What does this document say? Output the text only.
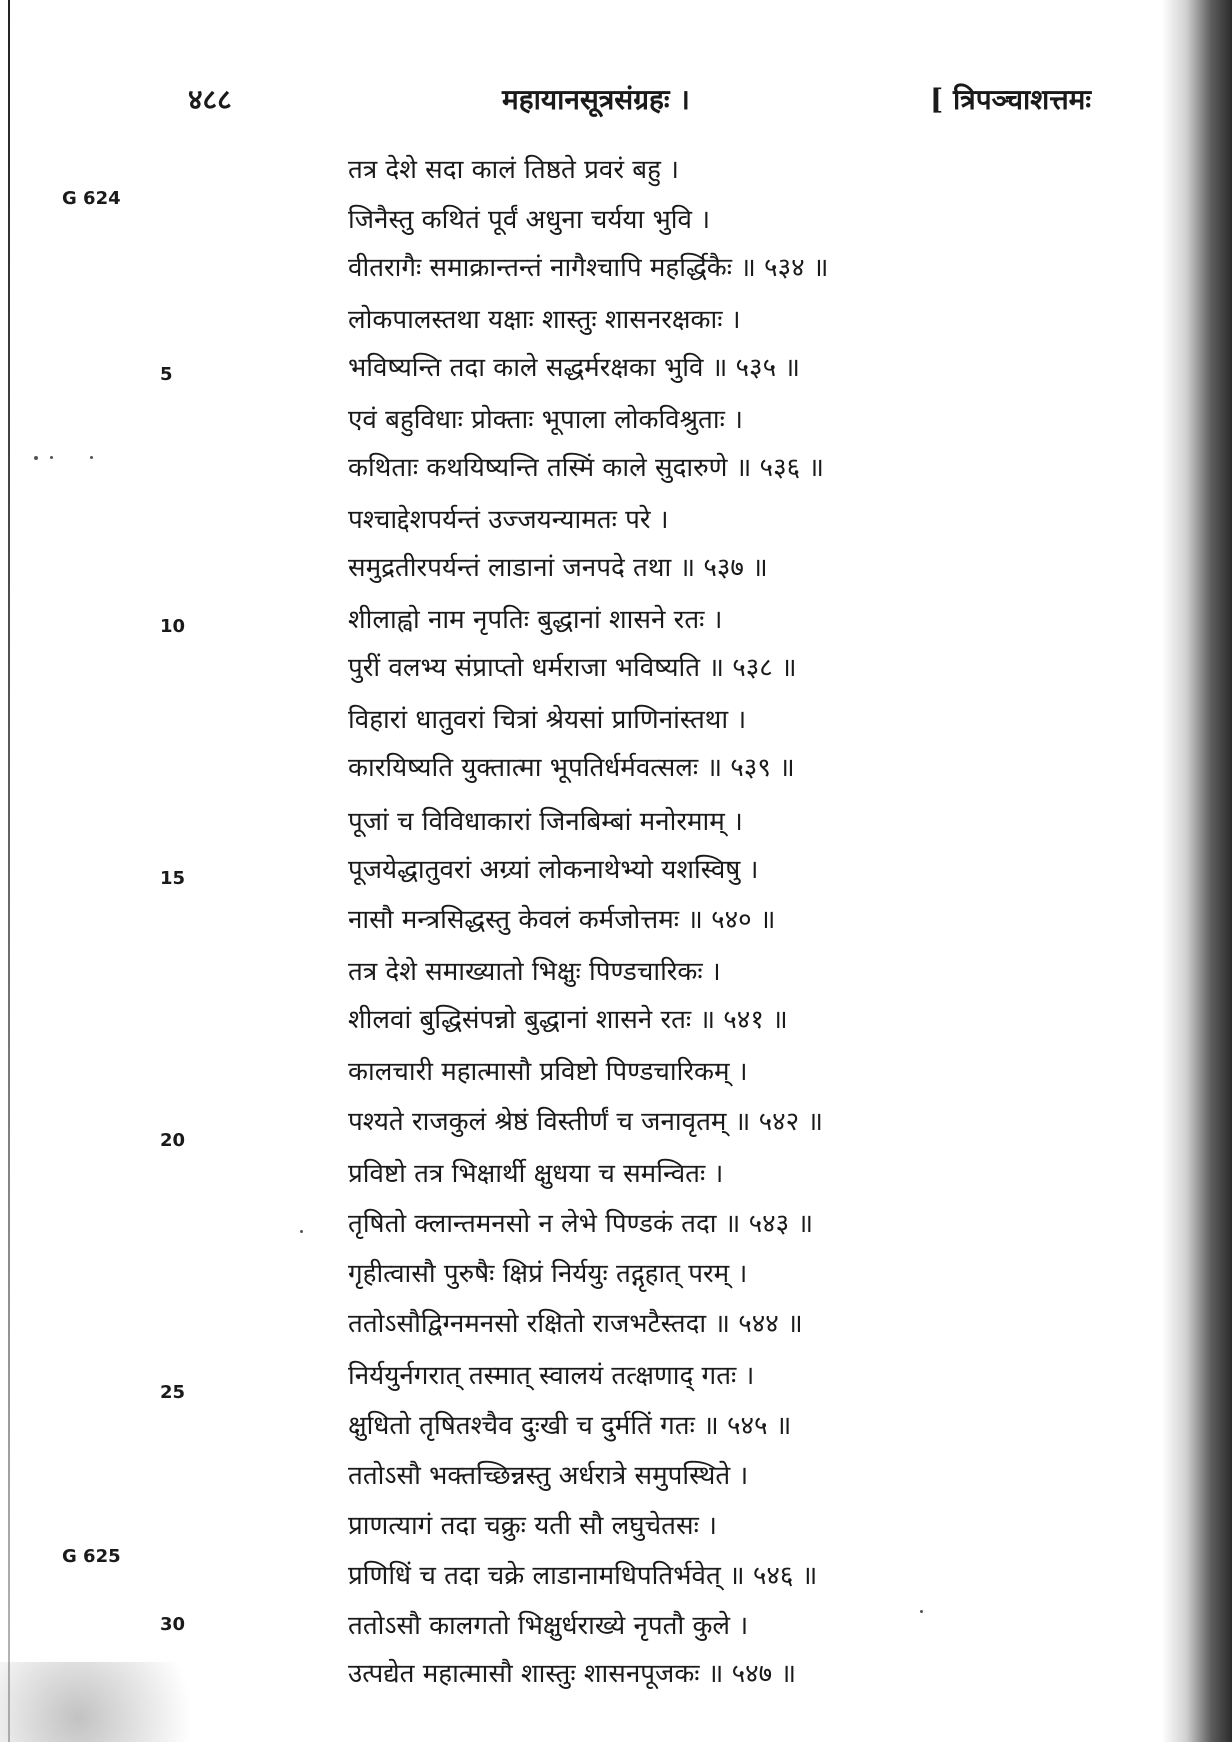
४८८	महायानसूत्रसंग्रहः ।	[ त्रिपञ्चाशत्तमः
G 624
5
10
15
20
25
G 625
30
तत्र देशे सदा कालं तिष्ठते प्रवरं बहु ।
जिनैस्तु कथितं पूर्वं अधुना चर्यया भुवि ।
वीतरागैः समाक्रान्तन्तं नागैश्चापि महर्द्धिकैः ॥ ५३४ ॥
लोकपालस्तथा यक्षाः शास्तुः शासनरक्षकाः ।
भविष्यन्ति तदा काले सद्धर्मरक्षका भुवि ॥ ५३५ ॥
एवं बहुविधाः प्रोक्ताः भूपाला लोकविश्रुताः ।
कथिताः कथयिष्यन्ति तस्मिं काले सुदारुणे ॥ ५३६ ॥
पश्चाद्देशपर्यन्तं उज्जयन्यामतः परे ।
समुद्रतीरपर्यन्तं लाडानां जनपदे तथा ॥ ५३७ ॥
शीलाह्वो नाम नृपतिः बुद्धानां शासने रतः ।
पुरीं वलभ्य संप्राप्तो धर्मराजा भविष्यति ॥ ५३८ ॥
विहारां धातुवरां चित्रां श्रेयसां प्राणिनांस्तथा ।
कारयिष्यति युक्तात्मा भूपतिर्धर्मवत्सलः ॥ ५३९ ॥
पूजां च विविधाकारां जिनबिम्बां मनोरमाम् ।
पूजयेद्धातुवरां अग्र्यां लोकनाथेभ्यो यशस्विषु ।
नासौ मन्त्रसिद्धस्तु केवलं कर्मजोत्तमः ॥ ५४० ॥
तत्र देशे समाख्यातो भिक्षुः पिण्डचारिकः ।
शीलवां बुद्धिसंपन्नो बुद्धानां शासने रतः ॥ ५४१ ॥
कालचारी महात्मासौ प्रविष्टो पिण्डचारिकम् ।
पश्यते राजकुलं श्रेष्ठं विस्तीर्णं च जनावृतम् ॥ ५४२ ॥
प्रविष्टो तत्र भिक्षार्थी क्षुधया च समन्वितः ।
तृषितो क्लान्तमनसो न लेभे पिण्डकं तदा ॥ ५४३ ॥
गृहीत्वासौ पुरुषैः क्षिप्रं निर्ययुः तद्गृहात् परम् ।
ततोऽसौद्विग्नमनसो रक्षितो राजभटैस्तदा ॥ ५४४ ॥
निर्ययुर्नगरात् तस्मात् स्वालयं तत्क्षणाद् गतः ।
क्षुधितो तृषितश्चैव दुःखी च दुर्मतिं गतः ॥ ५४५ ॥
ततोऽसौ भक्तच्छिन्नस्तु अर्धरात्रे समुपस्थिते ।
प्राणत्यागं तदा चक्रुः यती सौ लघुचेतसः ।
प्रणिधिं च तदा चक्रे लाडानामधिपतिर्भवेत् ॥ ५४६ ॥
ततोऽसौ कालगतो भिक्षुर्धराख्ये नृपतौ कुले ।
उत्पद्येत महात्मासौ शास्तुः शासनपूजकः ॥ ५४७ ॥
